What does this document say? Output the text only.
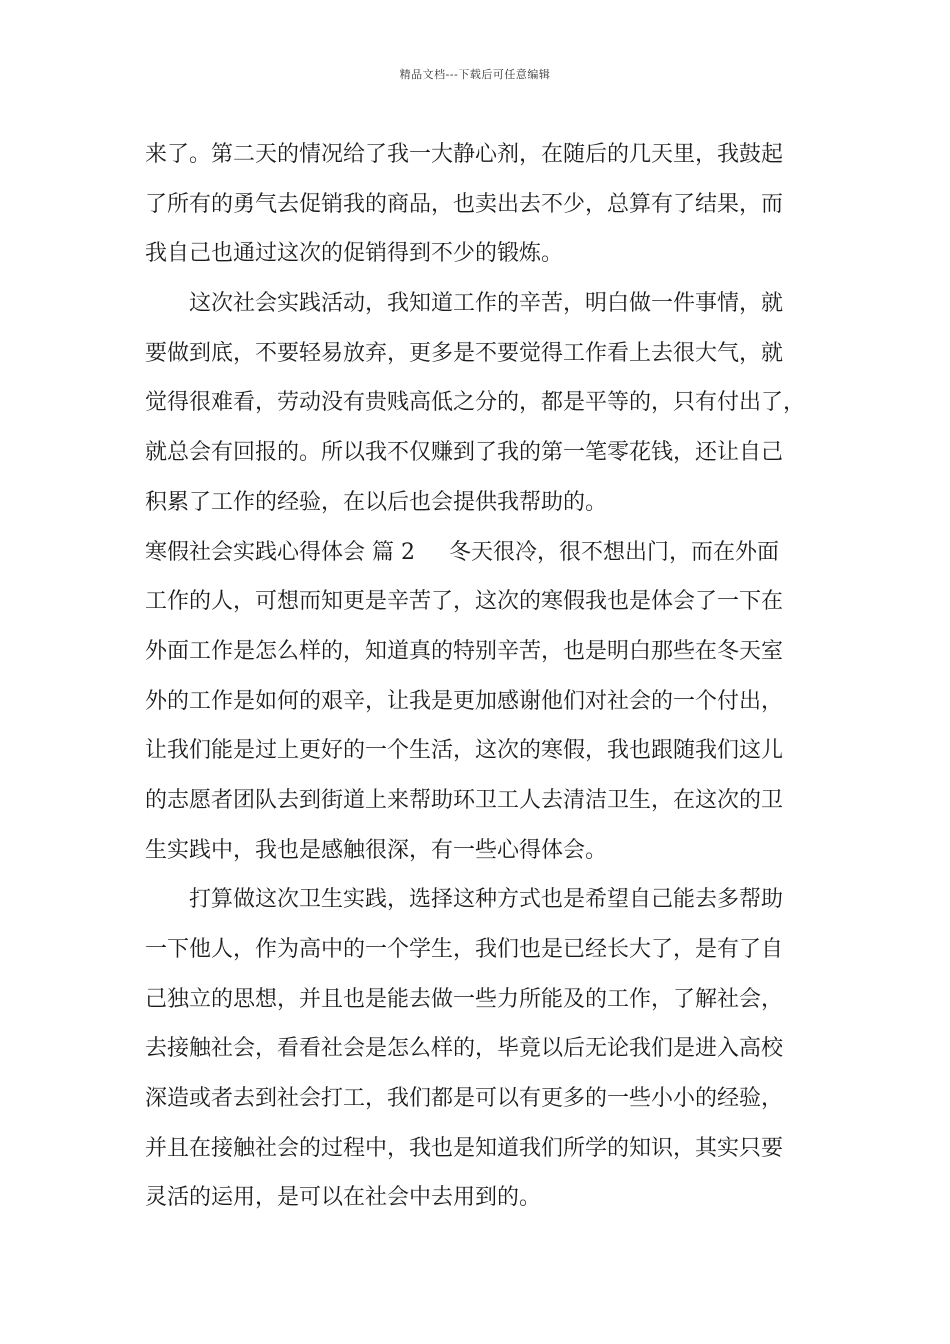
精品文档---下载后可任意编辑
来了。第二天的情况给了我一大静心剂，在随后的几天里，我鼓起
了所有的勇气去促销我的商品，也卖出去不少，总算有了结果，而
我自己也通过这次的促销得到不少的锻炼。
这次社会实践活动，我知道工作的辛苦，明白做一件事情，就
要做到底，不要轻易放弃，更多是不要觉得工作看上去很大气，就
觉得很难看，劳动没有贵贱高低之分的，都是平等的，只有付出了，
就总会有回报的。所以我不仅赚到了我的第一笔零花钱，还让自己
积累了工作的经验，在以后也会提供我帮助的。
寒假社会实践心得体会 篇 2 冬天很冷，很不想出门，而在外面
工作的人，可想而知更是辛苦了，这次的寒假我也是体会了一下在
外面工作是怎么样的，知道真的特别辛苦，也是明白那些在冬天室
外的工作是如何的艰辛，让我是更加感谢他们对社会的一个付出，
让我们能是过上更好的一个生活，这次的寒假，我也跟随我们这儿
的志愿者团队去到街道上来帮助环卫工人去清洁卫生，在这次的卫
生实践中，我也是感触很深，有一些心得体会。
打算做这次卫生实践，选择这种方式也是希望自己能去多帮助
一下他人，作为高中的一个学生，我们也是已经长大了，是有了自
己独立的思想，并且也是能去做一些力所能及的工作，了解社会，
去接触社会，看看社会是怎么样的，毕竟以后无论我们是进入高校
深造或者去到社会打工，我们都是可以有更多的一些小小的经验，
并且在接触社会的过程中，我也是知道我们所学的知识，其实只要
灵活的运用，是可以在社会中去用到的。
